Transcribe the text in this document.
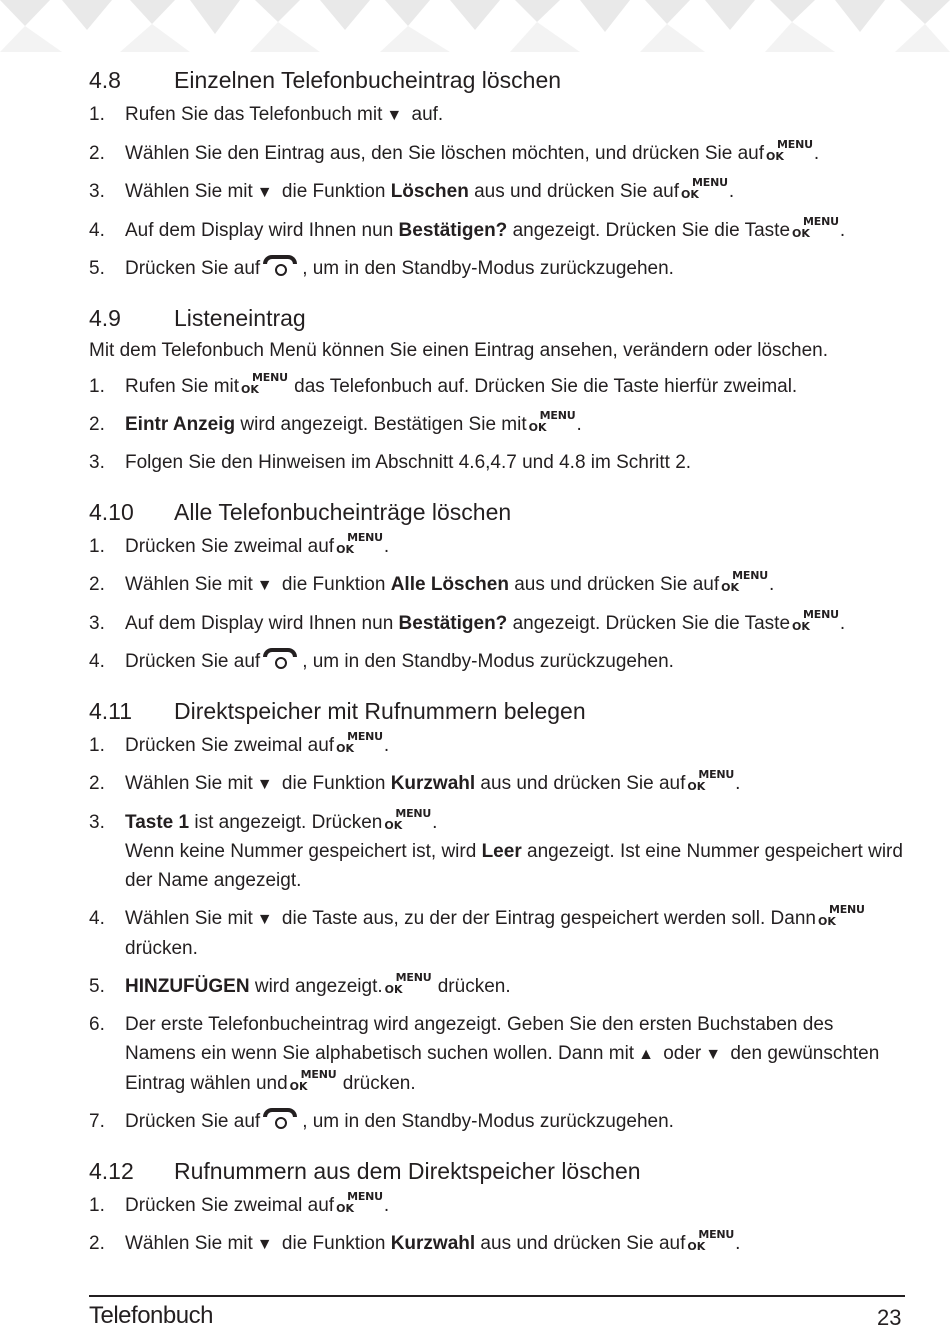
4.8	Einzelnen Telefonbucheintrag löschen
1.	Rufen Sie das Telefonbuch mit ▼ auf.
2.	Wählen Sie den Eintrag aus, den Sie löschen möchten, und drücken Sie auf	MENU
OK	.
3.	Wählen Sie mit ▼ die Funktion Löschen aus und drücken Sie auf	MENU
OK	.
4.	Auf dem Display wird Ihnen nun Bestätigen? angezeigt. Drücken Sie die Taste	MENU
OK	.
5.	Drücken Sie auf , um in den Standby-Modus zurückzugehen.
4.9	Listeneintrag

Mit dem Telefonbuch Menü können Sie einen Eintrag ansehen, verändern oder löschen.

1.	Rufen Sie mit	MENU
OK	das Telefonbuch auf. Drücken Sie die Taste hierfür zweimal.
2.	Eintr Anzeig wird angezeigt. Bestätigen Sie mit	MENU
OK	.
3.	Folgen Sie den Hinweisen im Abschnitt 4.6,4.7 und 4.8 im Schritt 2.
4.10	Alle Telefonbucheinträge löschen
1.	Drücken Sie zweimal auf	MENU
OK	.
2.	Wählen Sie mit ▼ die Funktion Alle Löschen aus und drücken Sie auf	MENU
OK	.
3.	Auf dem Display wird Ihnen nun Bestätigen? angezeigt. Drücken Sie die Taste	MENU
OK	.
4.	Drücken Sie auf , um in den Standby-Modus zurückzugehen.
4.11	Direktspeicher mit Rufnummern belegen
1.	Drücken Sie zweimal auf	MENU
OK	.
2.	Wählen Sie mit ▼ die Funktion Kurzwahl aus und drücken Sie auf	MENU
OK	.
3.	Taste 1 ist angezeigt. Drücken	MENU
OK	.
Wenn keine Nummer gespeichert ist, wird Leer angezeigt. Ist eine Nummer gespeichert wird der Name angezeigt.
4.	Wählen Sie mit ▼ die Taste aus, zu der der Eintrag gespeichert werden soll. Dann	MENU
OK
drücken.
5.	HINZUFÜGEN wird angezeigt.	MENU
OK	drücken.
6.	Der erste Telefonbucheintrag wird angezeigt. Geben Sie den ersten Buchstaben des Namens ein wenn Sie alphabetisch suchen wollen. Dann mit ▲ oder ▼ den gewünschten Eintrag wählen und	MENU
OK	drücken.
7.	Drücken Sie auf , um in den Standby-Modus zurückzugehen.
4.12	Rufnummern aus dem Direktspeicher löschen
1.	Drücken Sie zweimal auf	MENU
OK	.
2.	Wählen Sie mit ▼ die Funktion Kurzwahl aus und drücken Sie auf	MENU
OK	.
Telefonbuch	23
